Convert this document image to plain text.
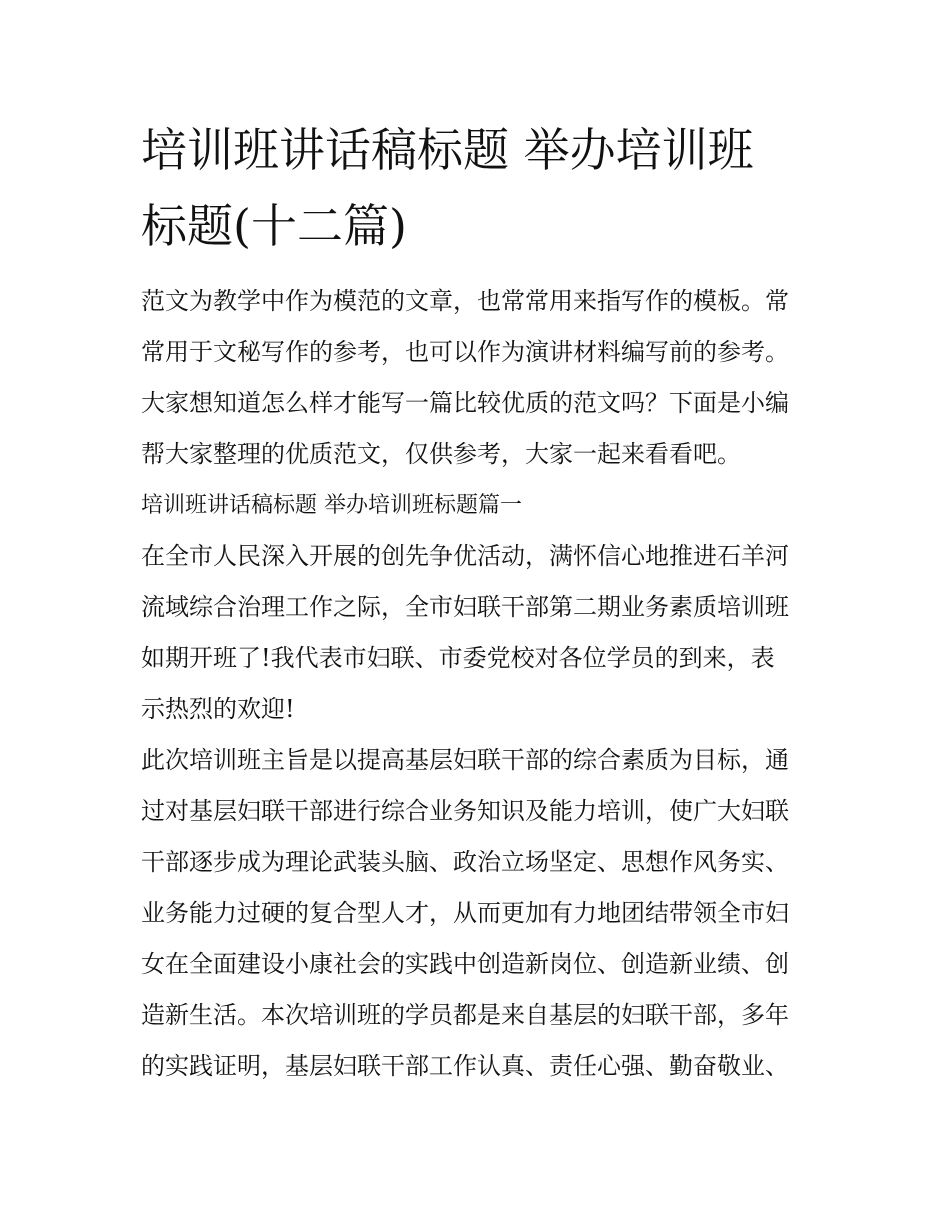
培训班讲话稿标题 举办培训班
标题(十二篇)

范文为教学中作为模范的文章，也常常用来指写作的模板。常
常用于文秘写作的参考，也可以作为演讲材料编写前的参考。
大家想知道怎么样才能写一篇比较优质的范文吗？下面是小编
帮大家整理的优质范文，仅供参考，大家一起来看看吧。

培训班讲话稿标题 举办培训班标题篇一

在全市人民深入开展的创先争优活动，满怀信心地推进石羊河
流域综合治理工作之际，全市妇联干部第二期业务素质培训班
如期开班了!我代表市妇联、市委党校对各位学员的到来，表
示热烈的欢迎!

此次培训班主旨是以提高基层妇联干部的综合素质为目标，通
过对基层妇联干部进行综合业务知识及能力培训，使广大妇联
干部逐步成为理论武装头脑、政治立场坚定、思想作风务实、
业务能力过硬的复合型人才，从而更加有力地团结带领全市妇
女在全面建设小康社会的实践中创造新岗位、创造新业绩、创
造新生活。本次培训班的学员都是来自基层的妇联干部，多年
的实践证明，基层妇联干部工作认真、责任心强、勤奋敬业、
